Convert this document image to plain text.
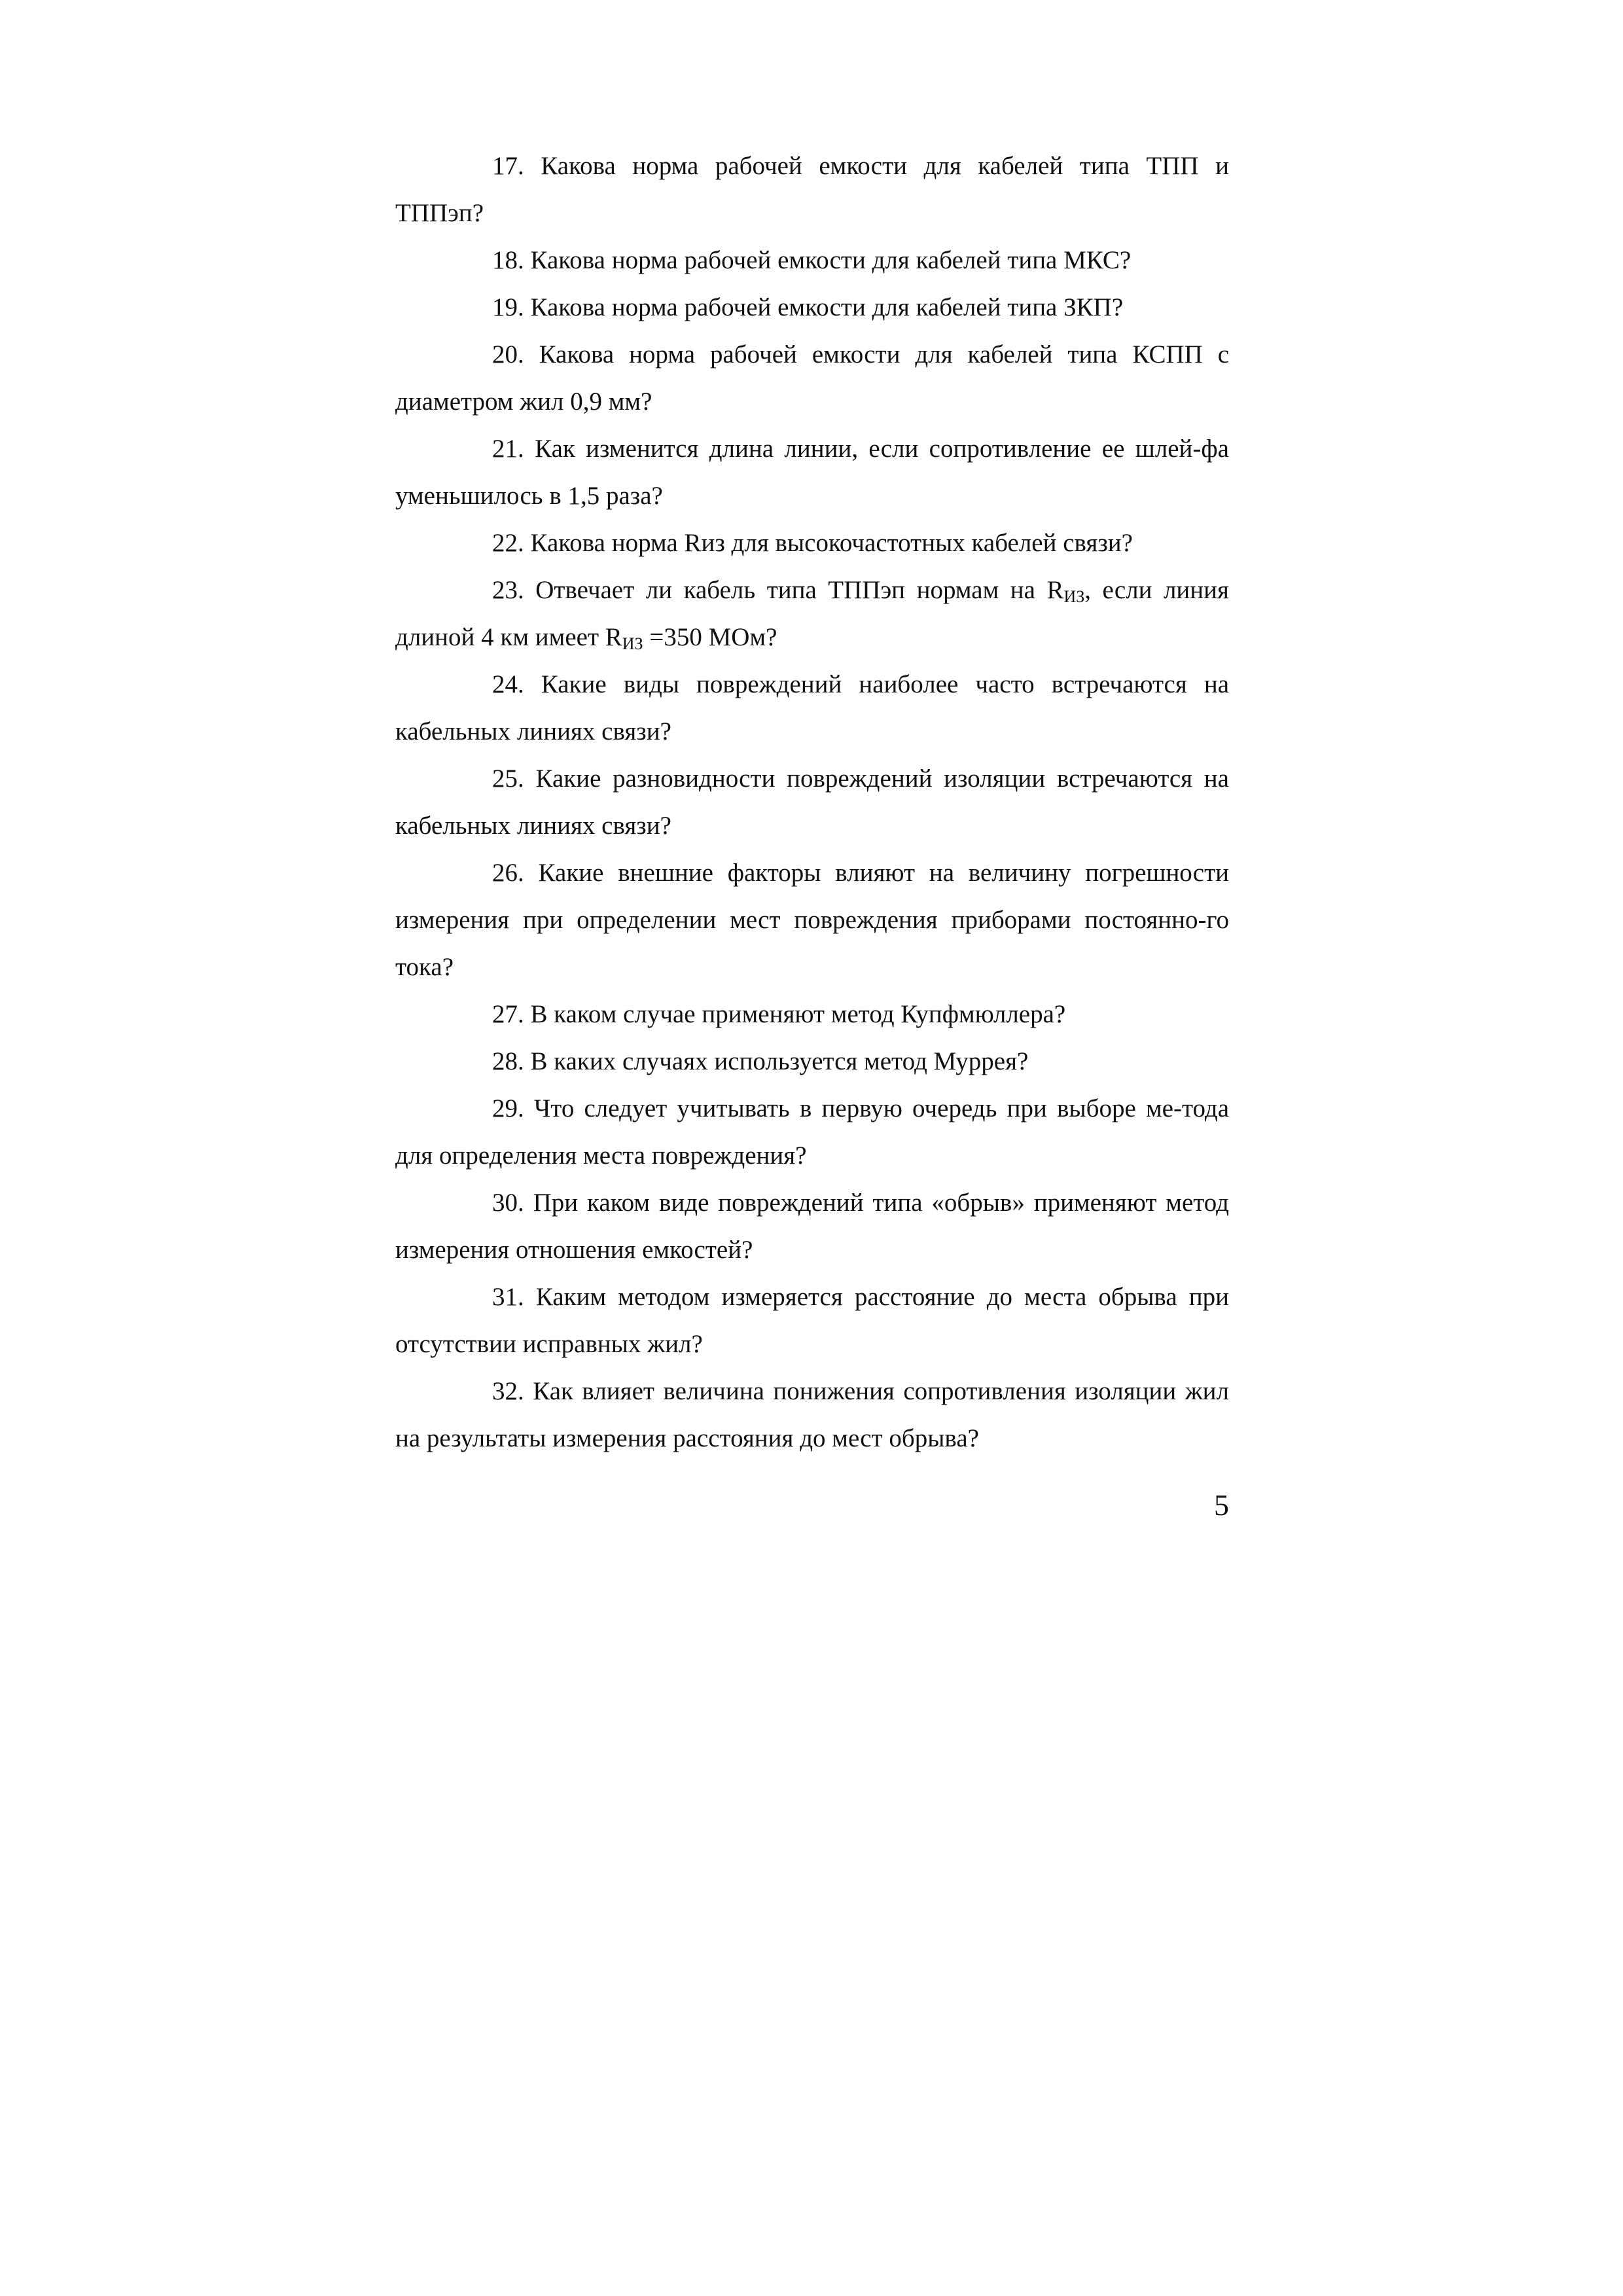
17. Какова норма рабочей емкости для кабелей типа ТПП и ТППэп?

18. Какова норма рабочей емкости для кабелей типа МКС?

19. Какова норма рабочей емкости для кабелей типа ЗКП?

20. Какова норма рабочей емкости для кабелей типа КСПП с диаметром жил 0,9 мм?

21. Как изменится длина линии, если сопротивление ее шлей-фа уменьшилось в 1,5 раза?

22. Какова норма Rиз для высокочастотных кабелей связи?

23. Отвечает ли кабель типа ТППэп нормам на $R_{ИЗ}$, если линия длиной 4 км имеет $R_{ИЗ} =350$ МОм?

24. Какие виды повреждений наиболее часто встречаются на кабельных линиях связи?

25. Какие разновидности повреждений изоляции встречаются на кабельных линиях связи?

26. Какие внешние факторы влияют на величину погрешности измерения при определении мест повреждения приборами постоянно-го тока?

27. В каком случае применяют метод Купфмюллера?

28. В каких случаях используется метод Муррея?

29. Что следует учитывать в первую очередь при выборе ме-тода для определения места повреждения?

30. При каком виде повреждений типа «обрыв» применяют метод измерения отношения емкостей?

31. Каким методом измеряется расстояние до места обрыва при отсутствии исправных жил?

32. Как влияет величина понижения сопротивления изоляции жил на результаты измерения расстояния до мест обрыва?

5
